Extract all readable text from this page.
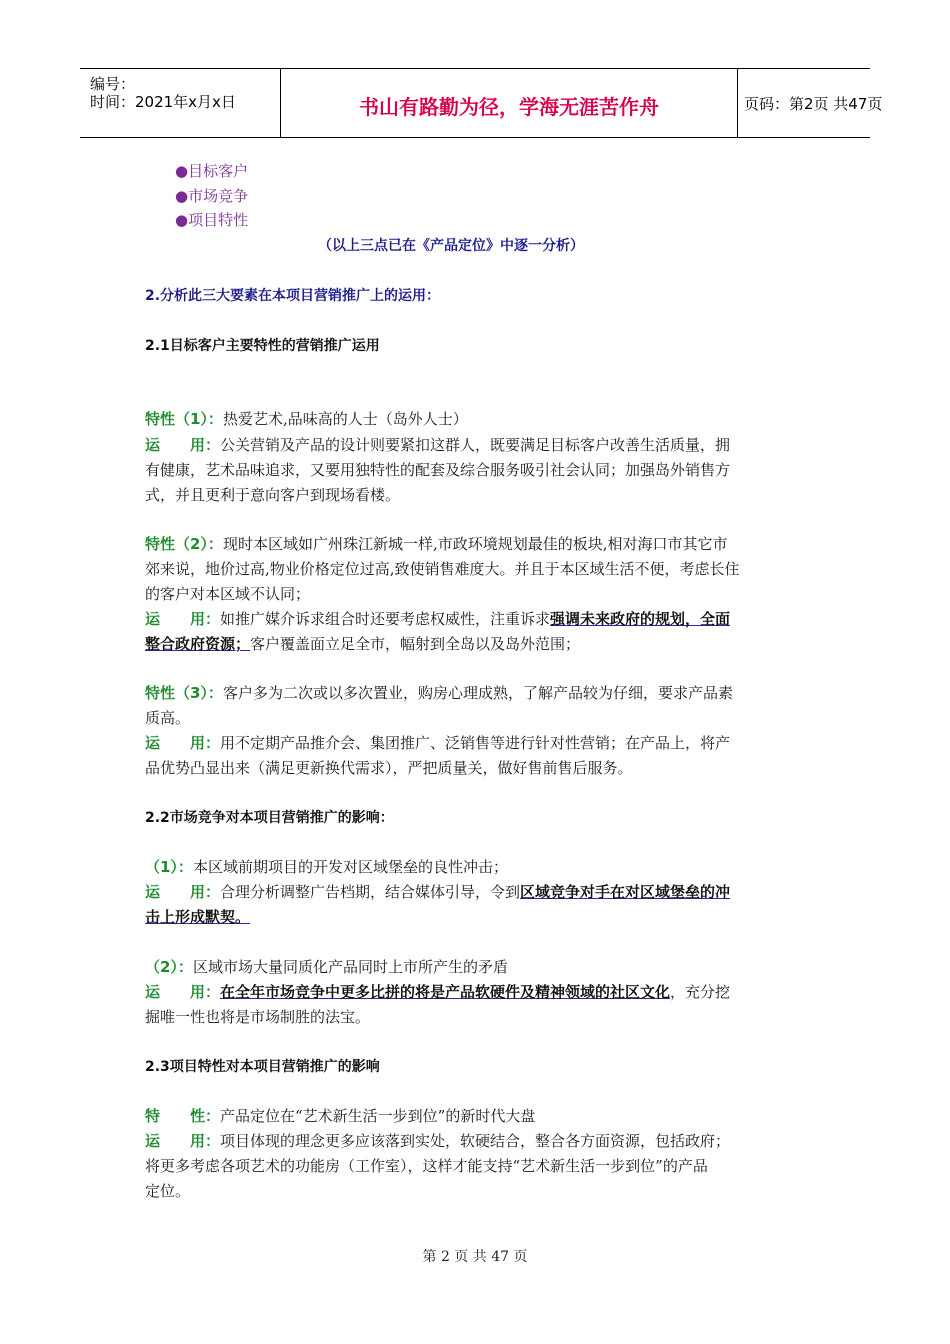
编号：
时间：2021年x月x日	书山有路勤为径，学海无涯苦作舟	页码：第2页 共47页
●目标客户
●市场竞争
●项目特性
（以上三点已在《产品定位》中逐一分析）
2.分析此三大要素在本项目营销推广上的运用：
2.1目标客户主要特性的营销推广运用
特性（1）：热爱艺术,品味高的人士（岛外人士）
运　　用：公关营销及产品的设计则要紧扣这群人，既要满足目标客户改善生活质量，拥
有健康，艺术品味追求，又要用独特性的配套及综合服务吸引社会认同；加强岛外销售方
式，并且更利于意向客户到现场看楼。
特性（2）：现时本区域如广州珠江新城一样,市政环境规划最佳的板块,相对海口市其它市
郊来说，地价过高,物业价格定位过高,致使销售难度大。并且于本区域生活不便，考虑长住
的客户对本区域不认同；
运　　用：如推广媒介诉求组合时还要考虑权威性，注重诉求强调未来政府的规划，全面
整合政府资源；客户覆盖面立足全市，幅射到全岛以及岛外范围；
特性（3）：客户多为二次或以多次置业，购房心理成熟，了解产品较为仔细，要求产品素
质高。
运　　用：用不定期产品推介会、集团推广、泛销售等进行针对性营销；在产品上，将产
品优势凸显出来（满足更新换代需求），严把质量关，做好售前售后服务。
2.2市场竞争对本项目营销推广的影响：
（1）：本区域前期项目的开发对区域堡垒的良性冲击；
运　　用：合理分析调整广告档期，结合媒体引导，令到区域竞争对手在对区域堡垒的冲
击上形成默契。
（2）：区域市场大量同质化产品同时上市所产生的矛盾
运　　用：在全年市场竞争中更多比拼的将是产品软硬件及精神领域的社区文化，充分挖
掘唯一性也将是市场制胜的法宝。
2.3项目特性对本项目营销推广的影响
特　　性：产品定位在“艺术新生活一步到位”的新时代大盘
运　　用：项目体现的理念更多应该落到实处，软硬结合，整合各方面资源，包括政府；
将更多考虑各项艺术的功能房（工作室），这样才能支持“艺术新生活一步到位”的产品
定位。
第 2 页 共 47 页
